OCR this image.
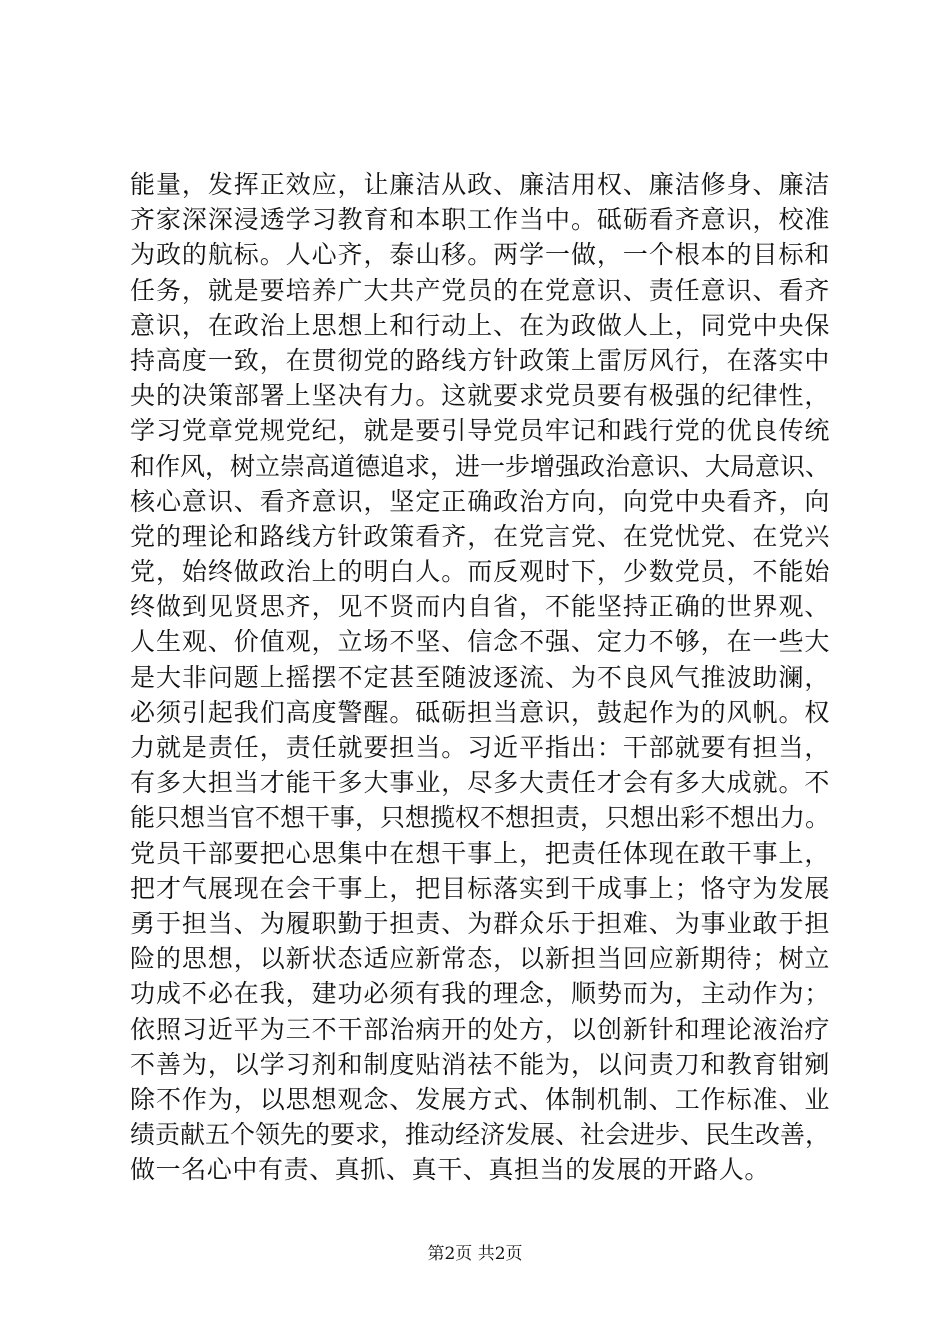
能量，发挥正效应，让廉洁从政、廉洁用权、廉洁修身、廉洁
齐家深深浸透学习教育和本职工作当中。砥砺看齐意识，校准
为政的航标。人心齐，泰山移。两学一做，一个根本的目标和
任务，就是要培养广大共产党员的在党意识、责任意识、看齐
意识，在政治上思想上和行动上、在为政做人上，同党中央保
持高度一致，在贯彻党的路线方针政策上雷厉风行，在落实中
央的决策部署上坚决有力。这就要求党员要有极强的纪律性，
学习党章党规党纪，就是要引导党员牢记和践行党的优良传统
和作风，树立崇高道德追求，进一步增强政治意识、大局意识、
核心意识、看齐意识，坚定正确政治方向，向党中央看齐，向
党的理论和路线方针政策看齐，在党言党、在党忧党、在党兴
党，始终做政治上的明白人。而反观时下，少数党员，不能始
终做到见贤思齐，见不贤而内自省，不能坚持正确的世界观、
人生观、价值观，立场不坚、信念不强、定力不够，在一些大
是大非问题上摇摆不定甚至随波逐流、为不良风气推波助澜，
必须引起我们高度警醒。砥砺担当意识，鼓起作为的风帆。权
力就是责任，责任就要担当。习近平指出：干部就要有担当，
有多大担当才能干多大事业，尽多大责任才会有多大成就。不
能只想当官不想干事，只想揽权不想担责，只想出彩不想出力。
党员干部要把心思集中在想干事上，把责任体现在敢干事上，
把才气展现在会干事上，把目标落实到干成事上；恪守为发展
勇于担当、为履职勤于担责、为群众乐于担难、为事业敢于担
险的思想，以新状态适应新常态，以新担当回应新期待；树立
功成不必在我，建功必须有我的理念，顺势而为，主动作为；
依照习近平为三不干部治病开的处方，以创新针和理论液治疗
不善为，以学习剂和制度贴消祛不能为，以问责刀和教育钳剜
除不作为，以思想观念、发展方式、体制机制、工作标准、业
绩贡献五个领先的要求，推动经济发展、社会进步、民生改善，
做一名心中有责、真抓、真干、真担当的发展的开路人。
第2页 共2页
